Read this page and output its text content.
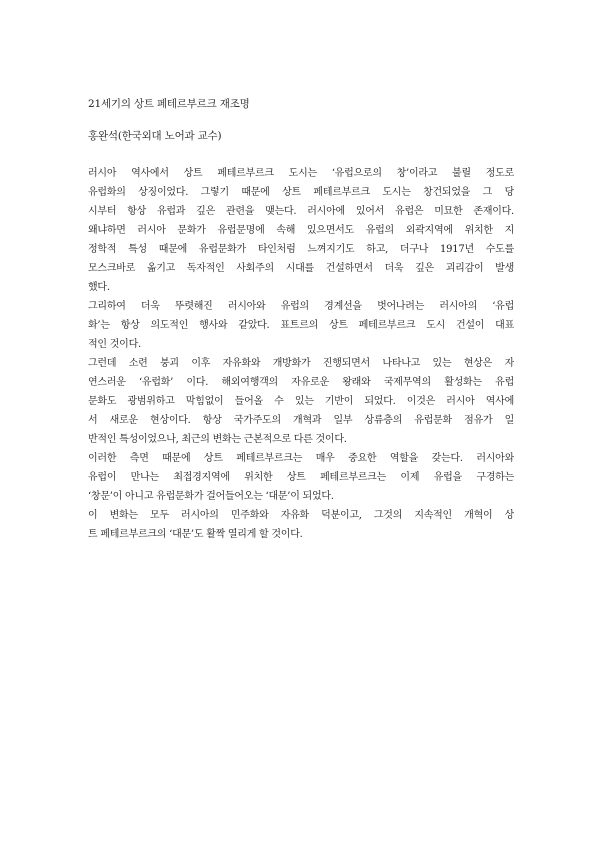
21세기의 상트 페테르부르크 재조명
홍완석(한국외대 노어과 교수)
러시아 역사에서 상트 페테르부르크 도시는 ‘유럽으로의 창’이라고 불릴 정도로
유럽화의 상징이었다. 그렇기 때문에 상트 페테르부르크 도시는 창건되었을 그 당
시부터 항상 유럽과 깊은 관련을 맺는다. 러시아에 있어서 유럽은 미묘한 존재이다.
왜냐하면 러시아 문화가 유럽문명에 속해 있으면서도 유럽의 외곽지역에 위치한 지
정학적 특성 때문에 유럽문화가 타인처럼 느껴지기도 하고, 더구나 1917년 수도를
모스크바로 옮기고 독자적인 사회주의 시대를 건설하면서 더욱 깊은 괴리감이 발생
했다.
그리하여 더욱 뚜렷해진 러시아와 유럽의 경계선을 벗어나려는 러시아의 ‘유럽
화’는 항상 의도적인 행사와 같았다. 표트르의 상트 페테르부르크 도시 건설이 대표
적인 것이다.
그런데 소련 붕괴 이후 자유화와 개방화가 진행되면서 나타나고 있는 현상은 자
연스러운 ‘유럽화’ 이다. 해외여행객의 자유로운 왕래와 국제무역의 활성화는 유럽
문화도 광범위하고 막힘없이 들어올 수 있는 기반이 되었다. 이것은 러시아 역사에
서 새로운 현상이다. 항상 국가주도의 개혁과 일부 상류층의 유럽문화 점유가 일
반적인 특성이었으나, 최근의 변화는 근본적으로 다른 것이다.
이러한 측면 때문에 상트 페테르부르크는 매우 중요한 역할을 갖는다. 러시아와
유럽이 만나는 최접경지역에 위치한 상트 페테르부르크는 이제 유럽을 구경하는
‘창문’이 아니고 유럽문화가 걸어들어오는 ‘대문’이 되었다.
이 변화는 모두 러시아의 민주화와 자유화 덕분이고, 그것의 지속적인 개혁이 상
트 페테르부르크의 ‘대문’도 활짝 열리게 할 것이다.
